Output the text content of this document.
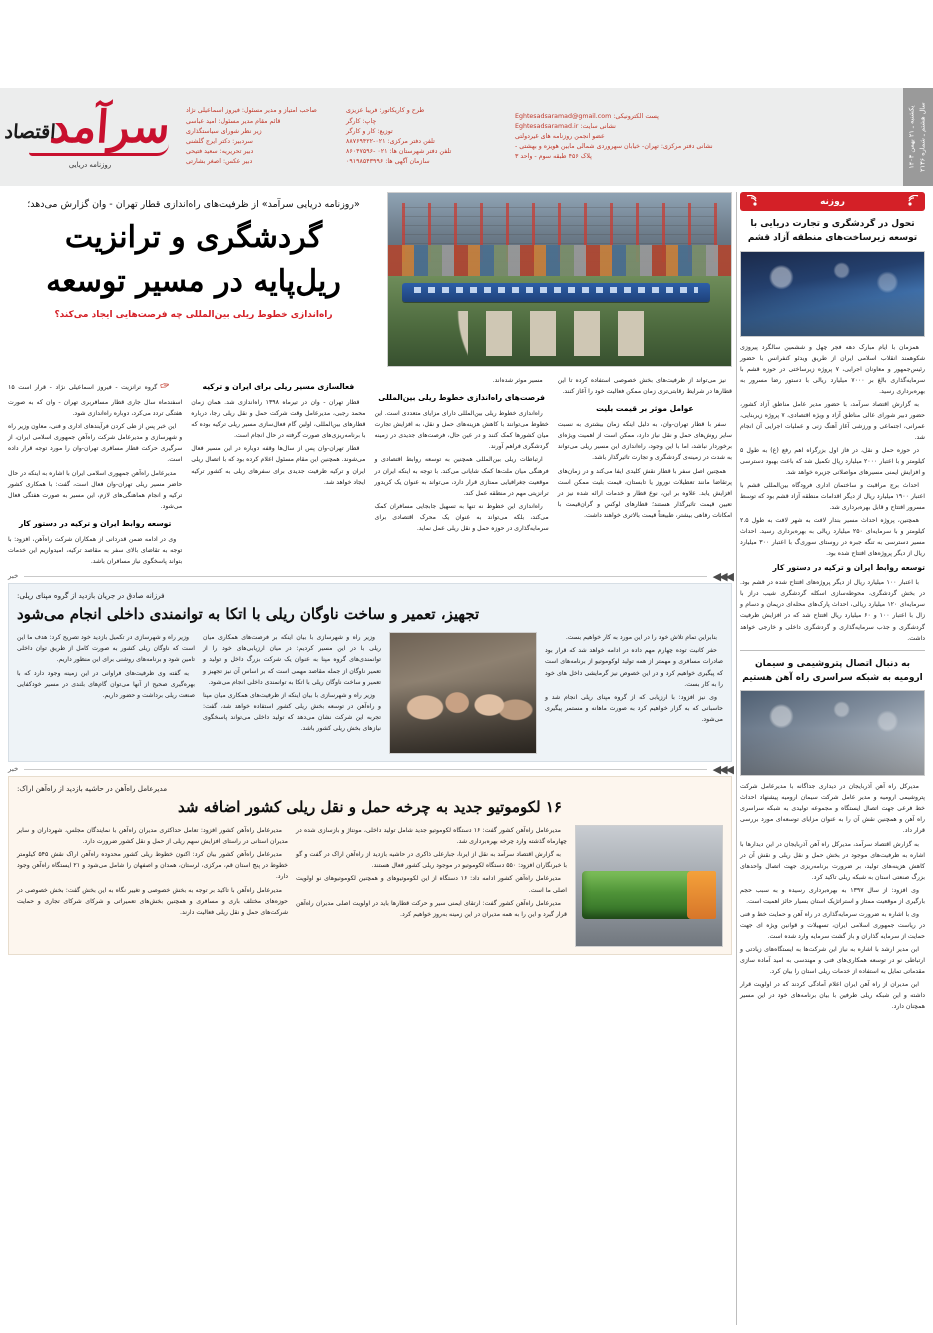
سرآمداقتصاد
روزنامه دریایی
صاحب امتیاز و مدیر مسئول: فیروز اسماعیلی نژاد
قائم مقام مدیر مسئول: امید عباسی
زیر نظر شورای سیاستگذاری
سردبیر: دکتر ایرج گلشنی
دبیر تحریریه: سعید فتیحی
دبیر عکس: اصغر بشارتی
طرح و کاریکاتور: فریبا عزیزی
چاپ: کارگر
توزیع: کار و کارگر
تلفن دفتر مرکزی: ۰۲۱-۸۸۷۶۹۴۲۲
تلفن دفتر شهرستان ها: ۰۲۱ -۸۶۰۴۷۵۹۶
سازمان آگهی ها: ۰۹۱۹۸۵۴۳۹۹۶
پست الکترونیکی: Eghtesadsaramad@gmail.com
نشانی سایت: Eghtesadsaramad.ir
عضو انجمن روزنامه های غیردولتی
نشانی دفتر مرکزی: تهران- خیابان سهروردی شمالی مابین هویزه و بهشتی -
پلاک ۴۵۶ طبقه سوم - واحد ۳	یکشنبه ـ ۲۱ بهمن ۱۴۰۳
سال هشتم ـ شماره ۲۱۳۶
روزنه
تحول در گردشگری و تجارت دریایی با توسعه زیرساخت‌های منطقه آزاد قشم

همزمان با ایام مبارک دهه فجر چهل و ششمین سالگرد پیروزی شکوهمند انقلاب اسلامی ایران از طریق ویدئو کنفرانس با حضور رئیس‌جمهور و معاونان اجرایی، ۷ پروژه زیرساختی در حوزه قشم با سرمایه‌گذاری بالغ بر ۷۰۰۰ میلیارد ریالی با دستور رضا مسرور به بهره‌برداری رسید.

به گزارش اقتصاد سرآمد، با حضور مدیر عامل مناطق آزاد کشور، حضور دبیر شورای عالی مناطق آزاد و ویژه اقتصادی، ۷ پروژه زیربنایی، عمرانی، اجتماعی و ورزشی آغاز آهنگ زنی و عملیات اجرایی آن انجام شد.

در حوزه حمل و نقل، در فاز اول بزرگراه اهم رفع (ع) به طول ۵ کیلومتر و با اعتبار ۲۰۰۰ میلیارد ریال تکمیل شد که باعث بهبود دسترسی و افزایش ایمنی مسیرهای مواصلاتی جزیره خواهد شد.

احداث برج مراقبت و ساختمان اداری فرودگاه بین‌المللی قشم با اعتبار ۱۹۰۰ میلیارد ریال از دیگر اقدامات منطقه آزاد قشم بود که توسط مسرور افتتاح و قابل بهره‌برداری شد.

همچنین، پروژه احداث مسیر بندار لافت به شهر لافت به طول ۲.۵ کیلومتر و با سرمایه‌ای ۲۵۰ میلیارد ریالی به بهره‌برداری رسید. احداث مسیر دسترسی به تنگه جبره در روستای سوری‌گ با اعتبار ۳۰۰ میلیارد ریال از دیگر پروژه‌های افتتاح شده بود.

توسعه روابط ایران و ترکیه در دستور کار

با اعتبار ۱۰۰ میلیارد ریال از دیگر پروژه‌های افتتاح شده در قشم بود. در بخش گردشگری، محوطه‌سازی اسکله گردشگری شیب دراز با سرمایه‌ای ۱۲۰ میلیارد ریالی، احداث پارک‌های محله‌ای دریمان و دسام و زال با اعتبار ۱۰۰ و ۶۰ میلیارد ریال افتتاح شد که در افزایش ظرفیت گردشگری و جذب سرمایه‌گذاری و گردشگری داخلی و خارجی خواهد داشت.

به دنبال اتصال پتروشیمی و سیمان ارومیه به شبکه سراسری راه آهن هستیم

مدیرکل راه آهن آذربایجان در دیداری جداگانه با مدیرعامل شرکت پتروشیمی ارومیه و مدیر عامل شرکت سیمان ارومیه پیشنهاد احداث خط فرعی جهت اتصال ایستگاه و مجموعه تولیدی به شبکه سراسری راه آهن و همچنین نقش آن را به عنوان مزایای توسعه‌ای مورد بررسی قرار داد.

به گزارش اقتصاد سرآمد، مدیرکل راه آهن آذربایجان در این دیدارها با اشاره به ظرفیت‌های موجود در بخش حمل و نقل ریلی و نقش آن در کاهش هزینه‌های تولید، بر ضرورت برنامه‌ریزی جهت اتصال واحدهای بزرگ صنعتی استان به شبکه ریلی تاکید کرد.

وی افزود: از سال ۱۳۹۷ به بهره‌برداری رسیده و به سبب حجم بارگیری از موقعیت ممتاز و استراتژیک استان بسیار حائز اهمیت است.

وی با اشاره به ضرورت سرمایه‌گذاری در راه آهن و حمایت خط و فنی در ریاست جمهوری اسلامی ایران، تسهیلات و قوانین ویژه ای جهت حمایت از سرمایه گذاران و باز گشت سرمایه وارد شده است.

این مدیر ارشد با اشاره به نیاز این شرکت‌ها به ایستگاه‌های زیادتی و ارتباطی نو در توسعه همکاری‌های فنی و مهندسی به امید آماده سازی مقدماتی تمایل به استفاده از خدمات ریلی استان را بیان کرد.

این مدیران از راه آهن ایران اعلام آمادگی کردند که در اولویت قرار داشته و این شبکه ریلی طرفین با بیان برنامه‌های خود در این مسیر همچنان دارد.

«روزنامه دریایی سرآمد» از ظرفیت‌های راه‌اندازی قطار تهران - وان گزارش می‌دهد؛
گردشگری و ترانزیت
ریل‌پایه در مسیر توسعه
راه‌اندازی خطوط ریلی بین‌المللی چه فرصت‌هایی ایجاد می‌کند؟

نیز می‌تواند از ظرفیت‌های بخش خصوصی استفاده کرده تا این قطارها در شرایط رقابتی‌تری زمان ممکن فعالیت خود را آغاز کنند.

عوامل موثر بر قیمت بلیت

سفر با قطار تهران-وان، به دلیل اینکه زمان بیشتری به نسبت سایر روش‌های حمل و نقل نیاز دارد، ممکن است از اهمیت ویژه‌ای برخوردار نباشد، اما با این وجود، راه‌اندازی این مسیر ریلی می‌تواند به شدت در زمینه‌ی گردشگری و تجارت تاثیرگذار باشد.

همچنین اصل سفر با قطار نقش کلیدی ایفا می‌کند و در زمان‌های پرتقاضا مانند تعطیلات نوروز یا تابستان، قیمت بلیت ممکن است افزایش یابد. علاوه بر این، نوع قطار و خدمات ارائه شده نیز در تعیین قیمت تاثیرگذار هستند؛ قطارهای لوکس و گران‌قیمت با امکانات رفاهی بیشتر، طبیعتاً قیمت بالاتری خواهند داشت.

مسیر موثر شده‌اند.

فرصت‌های راه‌اندازی خطوط ریلی بین‌المللی

راه‌اندازی خطوط ریلی بین‌المللی دارای مزایای متعددی است. این خطوط می‌توانند با کاهش هزینه‌های حمل و نقل، به افزایش تجارت میان کشورها کمک کنند و در عین حال، فرصت‌های جدیدی در زمینه گردشگری فراهم آورند.

ارتباطات ریلی بین‌المللی همچنین به توسعه روابط اقتصادی و فرهنگی میان ملت‌ها کمک شایانی می‌کند. با توجه به اینکه ایران در موقعیت جغرافیایی ممتازی قرار دارد، می‌تواند به عنوان یک کریدور ترانزیتی مهم در منطقه عمل کند.

راه‌اندازی این خطوط نه تنها به تسهیل جابجایی مسافران کمک می‌کند، بلکه می‌تواند به عنوان یک محرک اقتصادی برای سرمایه‌گذاری در حوزه حمل و نقل ریلی عمل نماید.

فعالسازی مسیر ریلی برای ایران و ترکیه

قطار تهران - وان در تیرماه ۱۳۹۸ راه‌اندازی شد. همان زمان محمد رجبی، مدیرعامل وقت شرکت حمل و نقل ریلی رجا، درباره قطارهای بین‌المللی، اولین گام فعال‌سازی مسیر ریلی ترکیه بوده که با برنامه‌ریزی‌های صورت گرفته در حال انجام است.

قطار تهران-وان پس از سال‌ها وقفه دوباره در این مسیر فعال می‌شوند. همچنین این مقام مسئول اعلام کرده بود که با اتصال ریلی ایران و ترکیه ظرفیت جدیدی برای سفرهای ریلی به کشور ترکیه ایجاد خواهد شد.

✑گروه ترانزیت - فیروز اسماعیلی نژاد - قرار است ۱۵ اسفندماه سال جاری قطار مسافربری تهران - وان که به صورت هفتگی تردد می‌کرد، دوباره راه‌اندازی شود.

این خبر پس از طی کردن فرآیندهای اداری و فنی، معاون وزیر راه و شهرسازی و مدیرعامل شرکت راه‌آهن جمهوری اسلامی ایران، از سرگیری حرکت قطار مسافری تهران-وان را مورد توجه قرار داده است.

مدیرعامل راه‌آهن جمهوری اسلامی ایران با اشاره به اینکه در حال حاضر مسیر ریلی تهران-وان فعال است، گفت: با همکاری کشور ترکیه و انجام هماهنگی‌های لازم، این مسیر به صورت هفتگی فعال می‌شود.

توسعه روابط ایران و ترکیه در دستور کار

وی در ادامه ضمن قدردانی از همکاران شرکت راه‌آهن، افزود: با توجه به تقاضای بالای سفر به مقاصد ترکیه، امیدواریم این خدمات بتواند پاسخگوی نیاز مسافران باشد.

◀◀◀
خبر
فرزانه صادق در جریان بازدید از گروه مپنای ریلی:
تجهیز، تعمیر و ساخت ناوگان ریلی با اتکا به توانمندی داخلی انجام می‌شود

بنابراین تمام تلاش خود را در این مورد به کار خواهیم بست.

حفر کانیت توده چهارم مهم داده در ادامه خواهد شد که قرار بود صادرات مسافری و مهمتر از همه تولید لوکوموتیو از برنامه‌های است که پیگیری خواهیم کرد و در این خصوص نیز گرمایشی داخل های خود را به کار بست.

وی نیز افزود: با ارزیابی که از گروه مپنای ریلی انجام شد و حاسبانی که به گزار خواهیم کرد به صورت ماهانه و مستمر پیگیری می‌شود.

وزیر راه و شهرسازی با بیان اینکه بر فرصت‌های همکاری میان ریلی با در این مسیر کردیم: در میان ارزیابی‌های خود را از توانمندی‌های گروه مپنا به عنوان یک شرکت بزرگ داخل و تولید و تعمیر ناوگان از جمله مقاصد مهمی است که بر اساس آن نیز تجهیز و تعمیر و ساخت ناوگان ریلی با اتکا به توانمندی داخلی انجام می‌شود.

وزیر راه و شهرسازی با بیان اینکه از ظرفیت‌های همکاری میان مپنا و راه‌آهن در توسعه بخش ریلی کشور استفاده خواهد شد، گفت: تجربه این شرکت نشان می‌دهد که تولید داخلی می‌تواند پاسخگوی نیازهای بخش ریلی کشور باشد.

وزیر راه و شهرسازی در تکمیل بازدید خود تصریح کرد: هدف ما این است که ناوگان ریلی کشور به صورت کامل از طریق توان داخلی تامین شود و برنامه‌های روشنی برای این منظور داریم.

به گفته وی ظرفیت‌های فراوانی در این زمینه وجود دارد که با بهره‌گیری صحیح از آنها می‌توان گام‌های بلندی در مسیر خودکفایی صنعت ریلی برداشت و حضور داریم.

◀◀◀
خبر
مدیرعامل راه‌آهن در حاشیه بازدید از راه‌آهن اراک:
۱۶ لکوموتیو جدید به چرخه حمل و نقل ریلی کشور اضافه شد

مدیرعامل راه‌آهن کشور گفت: ۱۶ دستگاه لکوموتیو جدید شامل تولید داخلی، مونتاژ و بازسازی شده در چهارماه گذشته وارد چرخه بهره‌برداری شد.

به گزارش اقتصاد سرآمد به نقل از ایرنا، جبارعلی ذاکری در حاشیه بازدید از راه‌آهن اراک در گفت و گو با خبرنگاران افزود: ۵۵۰ دستگاه لکوموتیو در موجود ریلی کشور فعال هستند.

مدیرعامل راه‌آهن کشور ادامه داد: ۱۶ دستگاه از این لکوموتیوهای و همچنین لکوموتیوهای نو اولویت اصلی ما است.

مدیرعامل راه‌آهن کشور گفت: ارتقای ایمنی سیر و حرکت قطارها باید در اولویت اصلی مدیران راه‌آهن قرار گیرد و این را به همه مدیران در این زمینه به‌روز خواهیم کرد.

مدیرعامل راه‌آهن کشور افزود: تعامل حداکثری مدیران راه‌آهن با نمایندگان مجلس، شهرداران و سایر مدیران استانی در راستای افزایش سهم ریلی از حمل و نقل کشور ضرورت دارد.

مدیرعامل راه‌آهن کشور بیان کرد: اکنون خطوط ریلی کشور محدوده راه‌آهن اراک نقش ۵۴۵ کیلومتر خطوط در پنج استان قم، مرکزی، لرستان، همدان و اصفهان را شامل می‌شود و ۲۱ ایستگاه راه‌آهن وجود دارد.

مدیرعامل راه‌آهن با تاکید بر توجه به بخش خصوصی و تغییر نگاه به این بخش گفت: بخش خصوصی در حوزه‌های مختلف باری و مسافری و همچنین بخش‌های تعمیراتی و شرکای شرکای تجاری و حمایت شرکت‌های حمل و نقل ریلی فعالیت دارند.
